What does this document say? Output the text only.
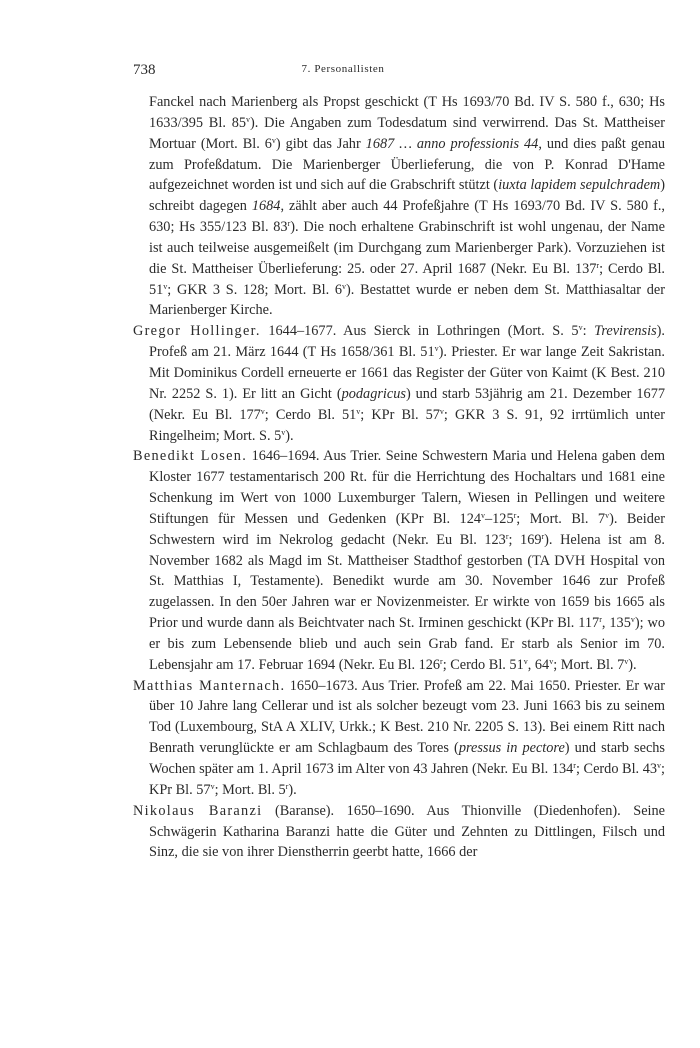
738	7. Personallisten

Fanckel nach Marienberg als Propst geschickt (T Hs 1693/70 Bd. IV S. 580 f., 630; Hs 1633/395 Bl. 85$^v$). Die Angaben zum Todesdatum sind verwirrend. Das St. Mattheiser Mortuar (Mort. Bl. 6$^v$) gibt das Jahr 1687 … anno professionis 44, und dies paßt genau zum Profeßdatum. Die Marienberger Überlieferung, die von P. Konrad D'Hame aufgezeichnet worden ist und sich auf die Grabschrift stützt (iuxta lapidem sepulchradem) schreibt dagegen 1684, zählt aber auch 44 Profeßjahre (T Hs 1693/70 Bd. IV S. 580 f., 630; Hs 355/123 Bl. 83$^r$). Die noch erhaltene Grabinschrift ist wohl ungenau, der Name ist auch teilweise ausgemeißelt (im Durchgang zum Marienberger Park). Vorzuziehen ist die St. Mattheiser Überlieferung: 25. oder 27. April 1687 (Nekr. Eu Bl. 137$^r$; Cerdo Bl. 51$^v$; GKR 3 S. 128; Mort. Bl. 6$^v$). Bestattet wurde er neben dem St. Matthiasaltar der Marienberger Kirche.

Gregor Hollinger. 1644–1677. Aus Sierck in Lothringen (Mort. S. 5$^v$: Trevirensis). Profeß am 21. März 1644 (T Hs 1658/361 Bl. 51$^v$). Priester. Er war lange Zeit Sakristan. Mit Dominikus Cordell erneuerte er 1661 das Register der Güter von Kaimt (K Best. 210 Nr. 2252 S. 1). Er litt an Gicht (podagricus) und starb 53jährig am 21. Dezember 1677 (Nekr. Eu Bl. 177$^v$; Cerdo Bl. 51$^v$; KPr Bl. 57$^v$; GKR 3 S. 91, 92 irrtümlich unter Ringelheim; Mort. S. 5$^v$).

Benedikt Losen. 1646–1694. Aus Trier. Seine Schwestern Maria und Helena gaben dem Kloster 1677 testamentarisch 200 Rt. für die Herrichtung des Hochaltars und 1681 eine Schenkung im Wert von 1000 Luxemburger Talern, Wiesen in Pellingen und weitere Stiftungen für Messen und Gedenken (KPr Bl. 124$^v$–125$^r$; Mort. Bl. 7$^v$). Beider Schwestern wird im Nekrolog gedacht (Nekr. Eu Bl. 123$^r$; 169$^r$). Helena ist am 8. November 1682 als Magd im St. Mattheiser Stadthof gestorben (TA DVH Hospital von St. Matthias I, Testamente). Benedikt wurde am 30. November 1646 zur Profeß zugelassen. In den 50er Jahren war er Novizenmeister. Er wirkte von 1659 bis 1665 als Prior und wurde dann als Beichtvater nach St. Irminen geschickt (KPr Bl. 117$^r$, 135$^v$); wo er bis zum Lebensende blieb und auch sein Grab fand. Er starb als Senior im 70. Lebensjahr am 17. Februar 1694 (Nekr. Eu Bl. 126$^r$; Cerdo Bl. 51$^v$, 64$^v$; Mort. Bl. 7$^v$).

Matthias Manternach. 1650–1673. Aus Trier. Profeß am 22. Mai 1650. Priester. Er war über 10 Jahre lang Cellerar und ist als solcher bezeugt vom 23. Juni 1663 bis zu seinem Tod (Luxembourg, StA A XLIV, Urkk.; K Best. 210 Nr. 2205 S. 13). Bei einem Ritt nach Benrath verunglückte er am Schlagbaum des Tores (pressus in pectore) und starb sechs Wochen später am 1. April 1673 im Alter von 43 Jahren (Nekr. Eu Bl. 134$^r$; Cerdo Bl. 43$^v$; KPr Bl. 57$^v$; Mort. Bl. 5$^r$).

Nikolaus Baranzi (Baranse). 1650–1690. Aus Thionville (Diedenhofen). Seine Schwägerin Katharina Baranzi hatte die Güter und Zehnten zu Dittlingen, Filsch und Sinz, die sie von ihrer Dienstherrin geerbt hatte, 1666 der
